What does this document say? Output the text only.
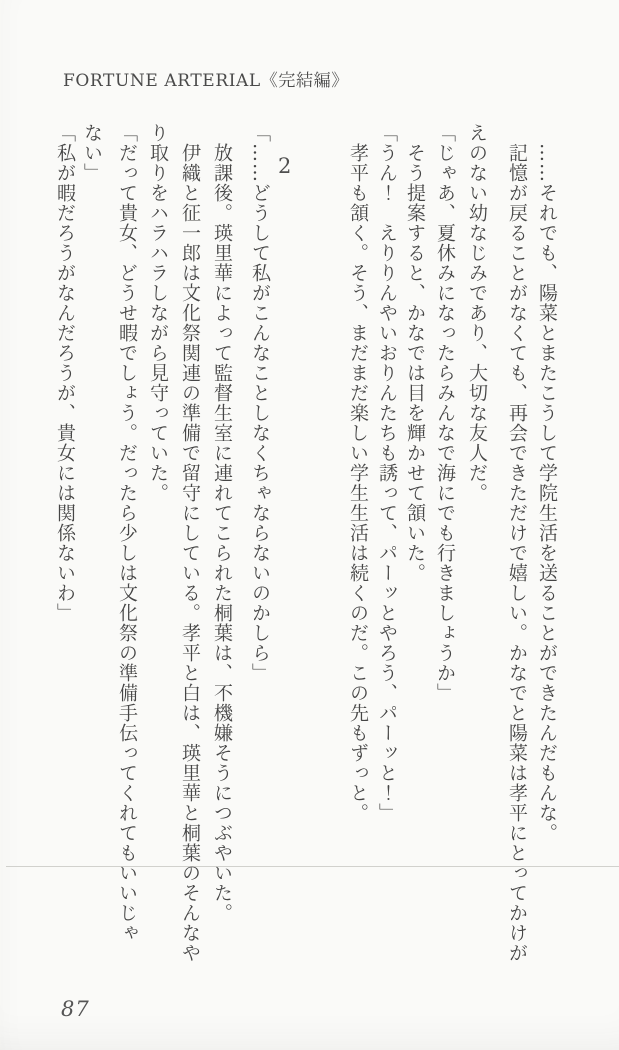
FORTUNE ARTERIAL《完結編》
……それでも、陽菜とまたこうして学院生活を送ることができたんだもんな。
記憶が戻ることがなくても、再会できただけで嬉しい。かなでと陽菜は孝平にとってかけが
えのない幼なじみであり、大切な友人だ。
「じゃあ、夏休みになったらみんなで海にでも行きましょうか」
そう提案すると、かなでは目を輝かせて頷いた。
「うん！　えりりんやいおりんたちも誘って、パーッとやろう、パーッと！」
孝平も頷く。そう、まだまだ楽しい学生生活は続くのだ。この先もずっと。
2
「……どうして私がこんなことしなくちゃならないのかしら」
放課後。瑛里華によって監督生室に連れてこられた桐葉は、不機嫌そうにつぶやいた。
伊織と征一郎は文化祭関連の準備で留守にしている。孝平と白は、瑛里華と桐葉のそんなや
り取りをハラハラしながら見守っていた。
「だって貴女、どうせ暇でしょう。だったら少しは文化祭の準備手伝ってくれてもいいじゃ
ない」
「私が暇だろうがなんだろうが、貴女には関係ないわ」
87
